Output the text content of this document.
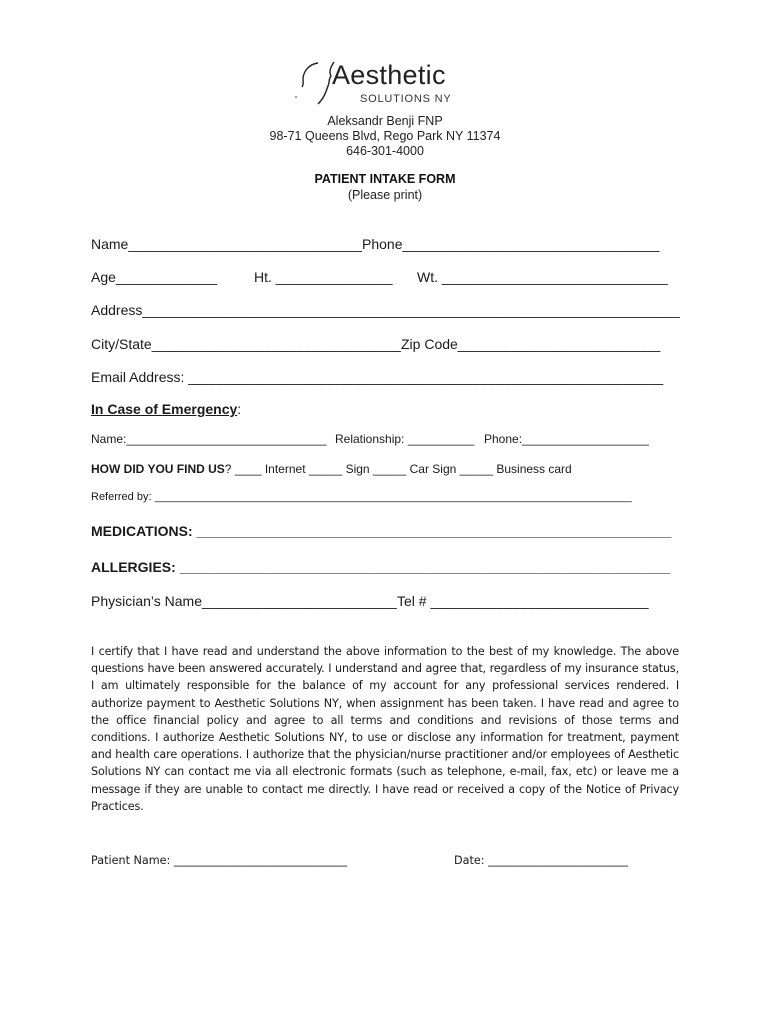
Aesthetic
SOLUTIONS NY
Aleksandr Benji FNP
98-71 Queens Blvd, Rego Park NY 11374
646-301-4000
PATIENT INTAKE FORM
(Please print)
Name______________________________ Phone_________________________________
Age_____________	Ht. _______________ Wt. _____________________________
Address_____________________________________________________________________
City/State________________________________ Zip Code__________________________
Email Address: _____________________________________________________________
In Case of Emergency:
Name:______________________________ Relationship: __________ Phone:___________________
HOW DID YOU FIND US? ____ Internet _____ Sign _____ Car Sign _____ Business card
Referred by: ______________________________________________________________________________
MEDICATIONS: _____________________________________________________________
ALLERGIES: _______________________________________________________________
Physician’s Name_________________________ Tel # ____________________________
I certify that I have read and understand the above information to the best of my knowledge. The above questions have been answered accurately. I understand and agree that, regardless of my insurance status, I am ultimately responsible for the balance of my account for any professional services rendered. I authorize payment to Aesthetic Solutions NY, when assignment has been taken. I have read and agree to the office financial policy and agree to all terms and conditions and revisions of those terms and conditions. I authorize Aesthetic Solutions NY, to use or disclose any information for treatment, payment and health care operations. I authorize that the physician/nurse practitioner and/or employees of Aesthetic Solutions NY can contact me via all electronic formats (such as telephone, e-mail, fax, etc) or leave me a message if they are unable to contact me directly. I have read or received a copy of the Notice of Privacy Practices.
Patient Name: _______________________________	Date: _________________________
